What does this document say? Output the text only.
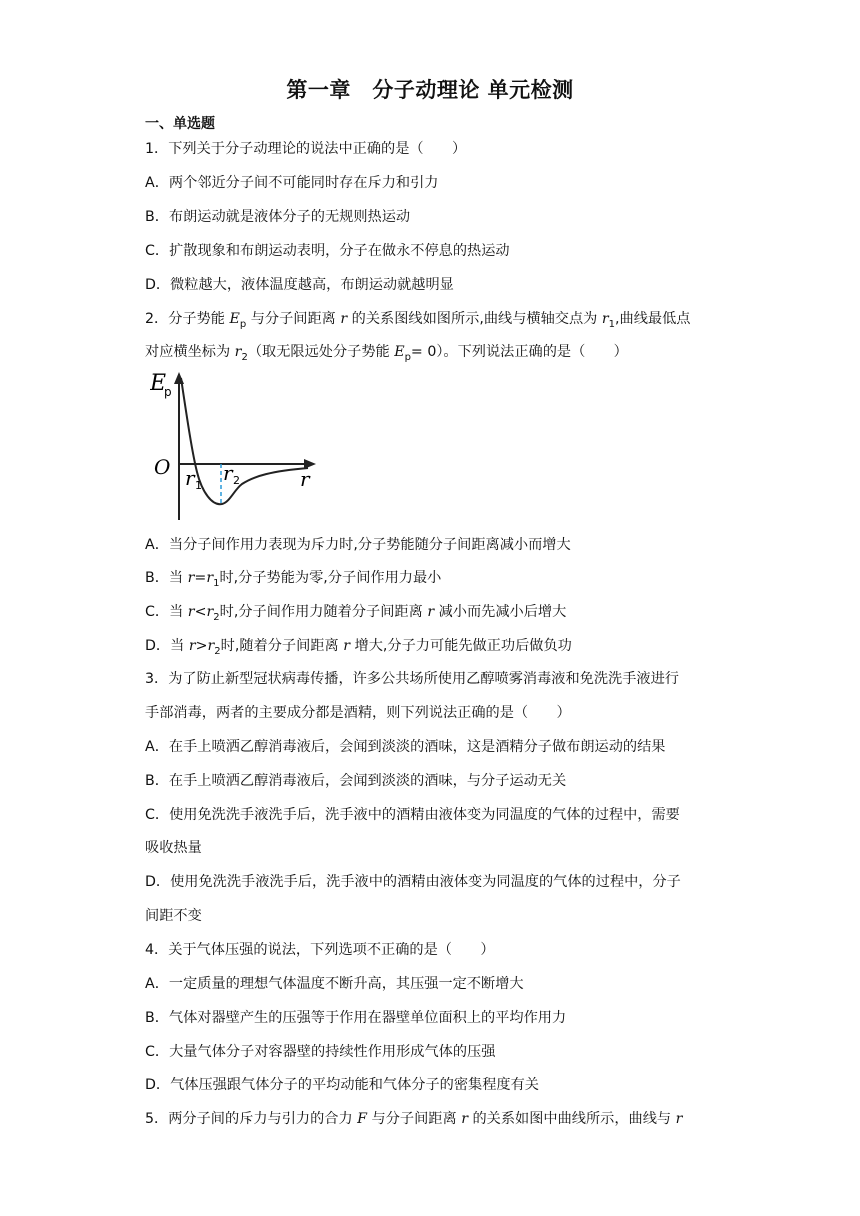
第一章　分子动理论 单元检测
一、单选题
1．下列关于分子动理论的说法中正确的是（　　）
A．两个邻近分子间不可能同时存在斥力和引力
B．布朗运动就是液体分子的无规则热运动
C．扩散现象和布朗运动表明，分子在做永不停息的热运动
D．微粒越大，液体温度越高，布朗运动就越明显
2．分子势能 $E_p$ 与分子间距离 r 的关系图线如图所示,曲线与横轴交点为 $r_1$,曲线最低点
对应横坐标为 $r_2$（取无限远处分子势能 $E_p= 0$）。下列说法正确的是（　　）
E
p
O	r
r 1
r 2
A．当分子间作用力表现为斥力时,分子势能随分子间距离减小而增大
B．当 $r=r_1$时,分子势能为零,分子间作用力最小
C．当 $r<r_2$时,分子间作用力随着分子间距离 r 减小而先减小后增大
D．当 $r>r_2$时,随着分子间距离 r 增大,分子力可能先做正功后做负功
3．为了防止新型冠状病毒传播，许多公共场所使用乙醇喷雾消毒液和免洗洗手液进行
手部消毒，两者的主要成分都是酒精，则下列说法正确的是（　　）
A．在手上喷洒乙醇消毒液后，会闻到淡淡的酒味，这是酒精分子做布朗运动的结果
B．在手上喷洒乙醇消毒液后，会闻到淡淡的酒味，与分子运动无关
C．使用免洗洗手液洗手后，洗手液中的酒精由液体变为同温度的气体的过程中，需要
吸收热量
D．使用免洗洗手液洗手后，洗手液中的酒精由液体变为同温度的气体的过程中，分子
间距不变
4．关于气体压强的说法，下列选项不正确的是（　　）
A．一定质量的理想气体温度不断升高，其压强一定不断增大
B．气体对器壁产生的压强等于作用在器壁单位面积上的平均作用力
C．大量气体分子对容器壁的持续性作用形成气体的压强
D．气体压强跟气体分子的平均动能和气体分子的密集程度有关
5．两分子间的斥力与引力的合力 F 与分子间距离 r 的关系如图中曲线所示，曲线与 r
